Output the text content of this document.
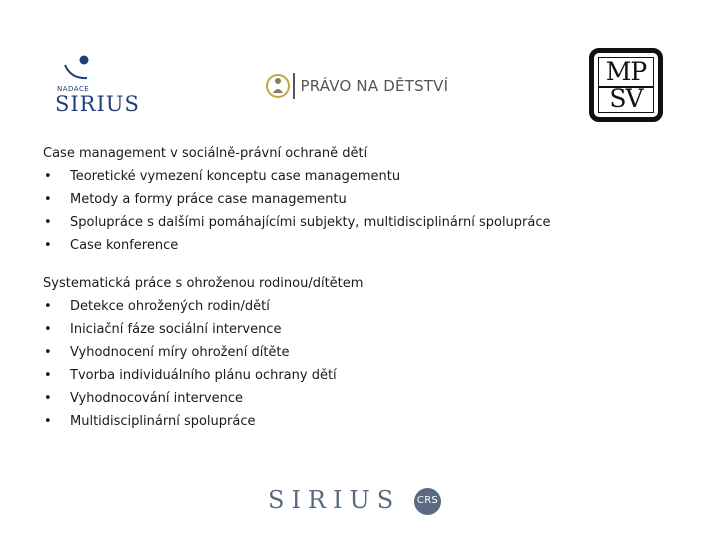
NADACE
SIRIUS
PRÁVO NA DĚTSTVÍ	MP
SV
Case management v sociálně-právní ochraně dětí
•	Teoretické vymezení konceptu case managementu
•	Metody a formy práce case managementu
•	Spolupráce s dalšími pomáhajícími subjekty, multidisciplinární spolupráce
•	Case konference
Systematická práce s ohroženou rodinou/dítětem
•	Detekce ohrožených rodin/dětí
•	Iniciační fáze sociální intervence
•	Vyhodnocení míry ohrožení dítěte
•	Tvorba individuálního plánu ochrany dětí
•	Vyhodnocování intervence
•	Multidisciplinární spolupráce
SIRIUS CRS
